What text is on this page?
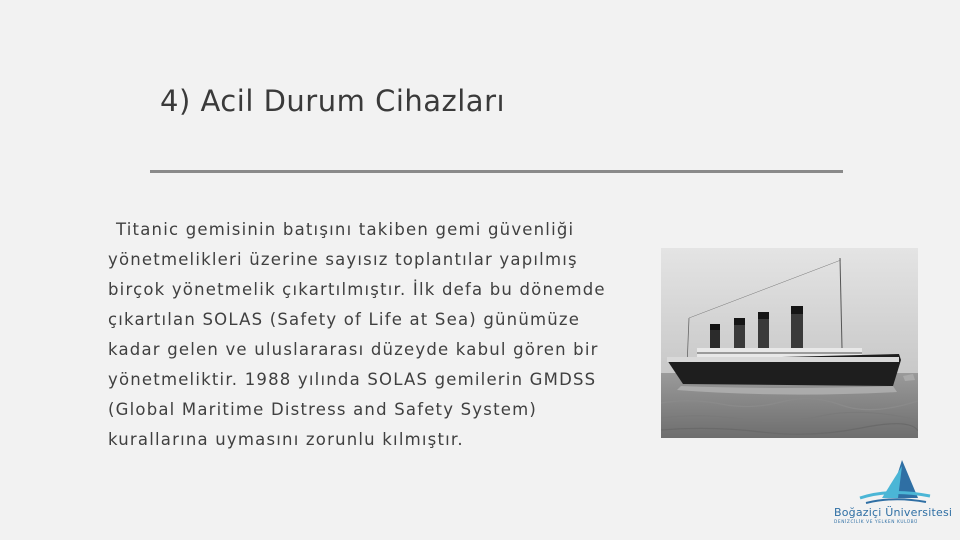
4) Acil Durum Cihazları
Titanic gemisinin batışını takiben gemi güvenliği
yönetmelikleri üzerine sayısız toplantılar yapılmış
birçok yönetmelik çıkartılmıştır. İlk defa bu dönemde
çıkartılan SOLAS (Safety of Life at Sea) günümüze
kadar gelen ve uluslararası düzeyde kabul gören bir
yönetmeliktir. 1988 yılında SOLAS gemilerin GMDSS
(Global Maritime Distress and Safety System)
kurallarına uymasını zorunlu kılmıştır.
Boğaziçi Üniversitesi
DENİZCİLİK VE YELKEN KULÜBÜ
